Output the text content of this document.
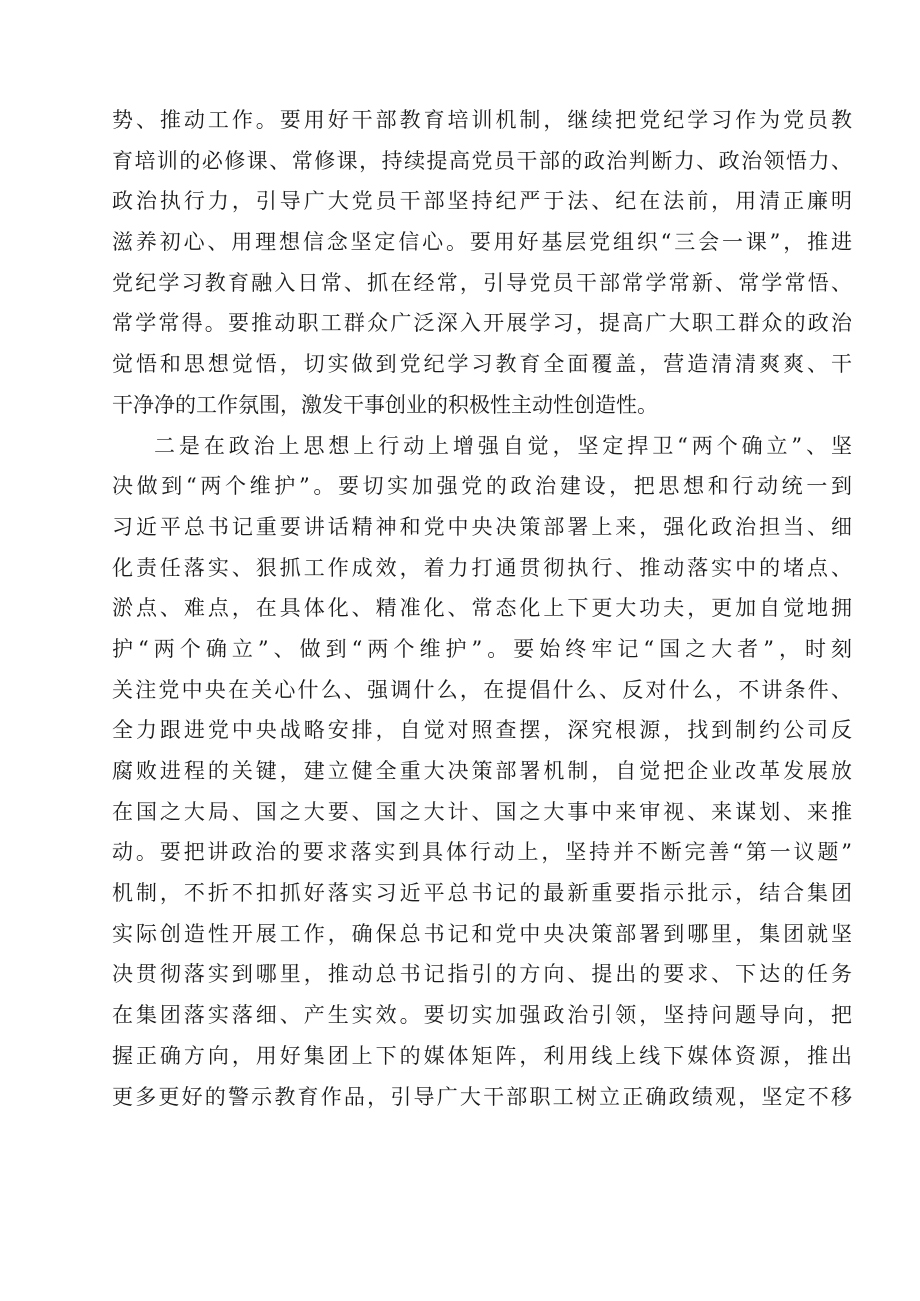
势、推动工作。要用好干部教育培训机制，继续把党纪学习作为党员教
育培训的必修课、常修课，持续提高党员干部的政治判断力、政治领悟力、
政治执行力，引导广大党员干部坚持纪严于法、纪在法前，用清正廉明
滋养初心、用理想信念坚定信心。要用好基层党组织“三会一课”，推进
党纪学习教育融入日常、抓在经常，引导党员干部常学常新、常学常悟、
常学常得。要推动职工群众广泛深入开展学习，提高广大职工群众的政治
觉悟和思想觉悟，切实做到党纪学习教育全面覆盖，营造清清爽爽、干
干净净的工作氛围，激发干事创业的积极性主动性创造性。
二是在政治上思想上行动上增强自觉，坚定捍卫“两个确立”、坚
决做到“两个维护”。要切实加强党的政治建设，把思想和行动统一到
习近平总书记重要讲话精神和党中央决策部署上来，强化政治担当、细
化责任落实、狠抓工作成效，着力打通贯彻执行、推动落实中的堵点、
淤点、难点，在具体化、精准化、常态化上下更大功夫，更加自觉地拥
护“两个确立”、做到“两个维护”。要始终牢记“国之大者”，时刻
关注党中央在关心什么、强调什么，在提倡什么、反对什么，不讲条件、
全力跟进党中央战略安排，自觉对照查摆，深究根源，找到制约公司反
腐败进程的关键，建立健全重大决策部署机制，自觉把企业改革发展放
在国之大局、国之大要、国之大计、国之大事中来审视、来谋划、来推
动。要把讲政治的要求落实到具体行动上，坚持并不断完善“第一议题”
机制，不折不扣抓好落实习近平总书记的最新重要指示批示，结合集团
实际创造性开展工作，确保总书记和党中央决策部署到哪里，集团就坚
决贯彻落实到哪里，推动总书记指引的方向、提出的要求、下达的任务
在集团落实落细、产生实效。要切实加强政治引领，坚持问题导向，把
握正确方向，用好集团上下的媒体矩阵，利用线上线下媒体资源，推出
更多更好的警示教育作品，引导广大干部职工树立正确政绩观，坚定不移
